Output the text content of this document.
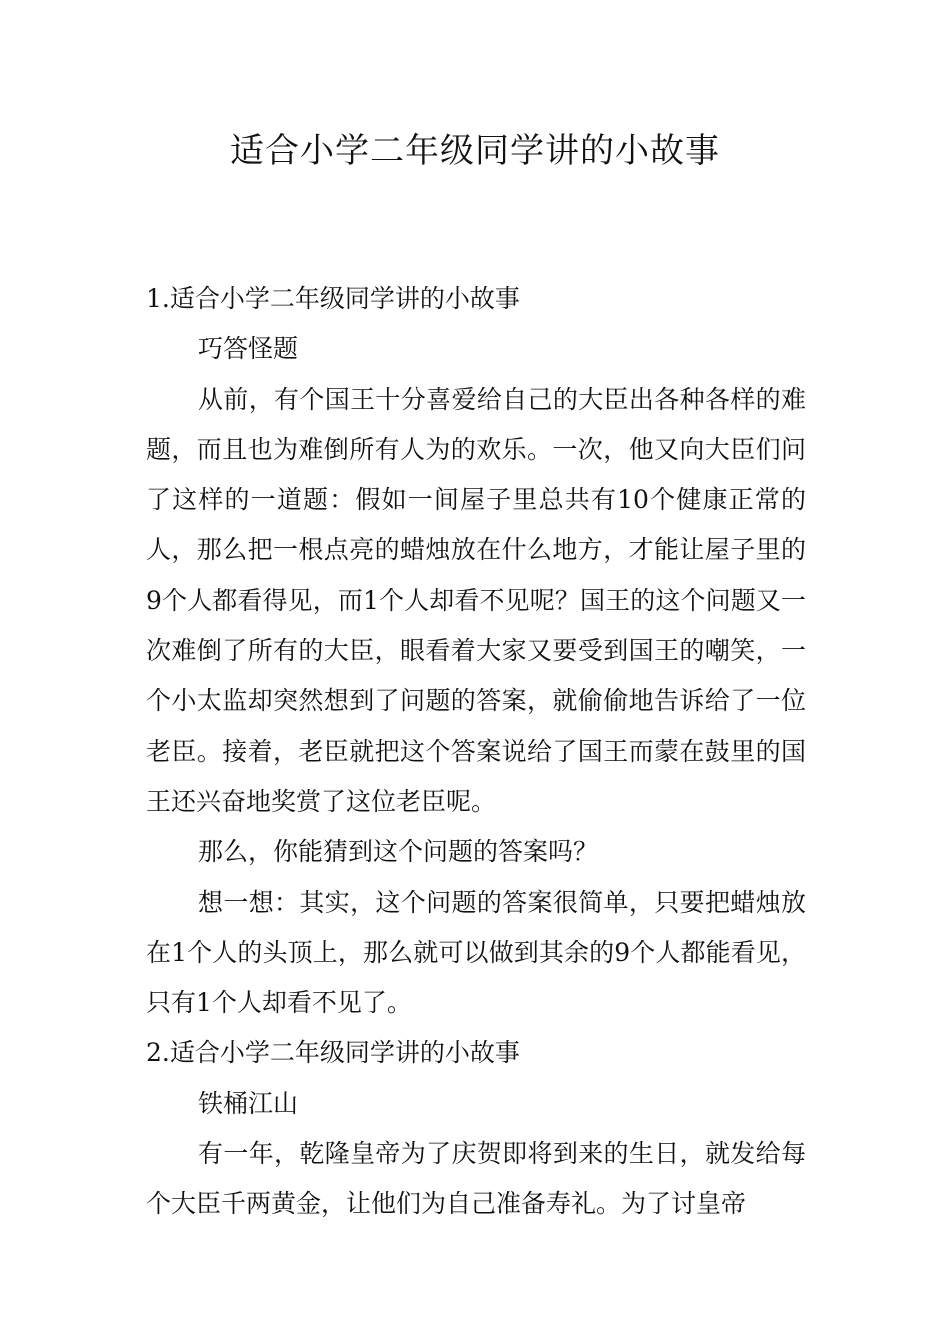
适合小学二年级同学讲的小故事
1.适合小学二年级同学讲的小故事

巧答怪题

从前，有个国王十分喜爱给自己的大臣出各种各样的难题，而且也为难倒所有人为的欢乐。一次，他又向大臣们问了这样的一道题：假如一间屋子里总共有10个健康正常的人，那么把一根点亮的蜡烛放在什么地方，才能让屋子里的9个人都看得见，而1个人却看不见呢？国王的这个问题又一次难倒了所有的大臣，眼看着大家又要受到国王的嘲笑，一个小太监却突然想到了问题的答案，就偷偷地告诉给了一位老臣。接着，老臣就把这个答案说给了国王而蒙在鼓里的国王还兴奋地奖赏了这位老臣呢。

那么，你能猜到这个问题的答案吗？

想一想：其实，这个问题的答案很简单，只要把蜡烛放在1个人的头顶上，那么就可以做到其余的9个人都能看见，只有1个人却看不见了。

2.适合小学二年级同学讲的小故事

铁桶江山

有一年，乾隆皇帝为了庆贺即将到来的生日，就发给每个大臣千两黄金，让他们为自己准备寿礼。为了讨皇帝
